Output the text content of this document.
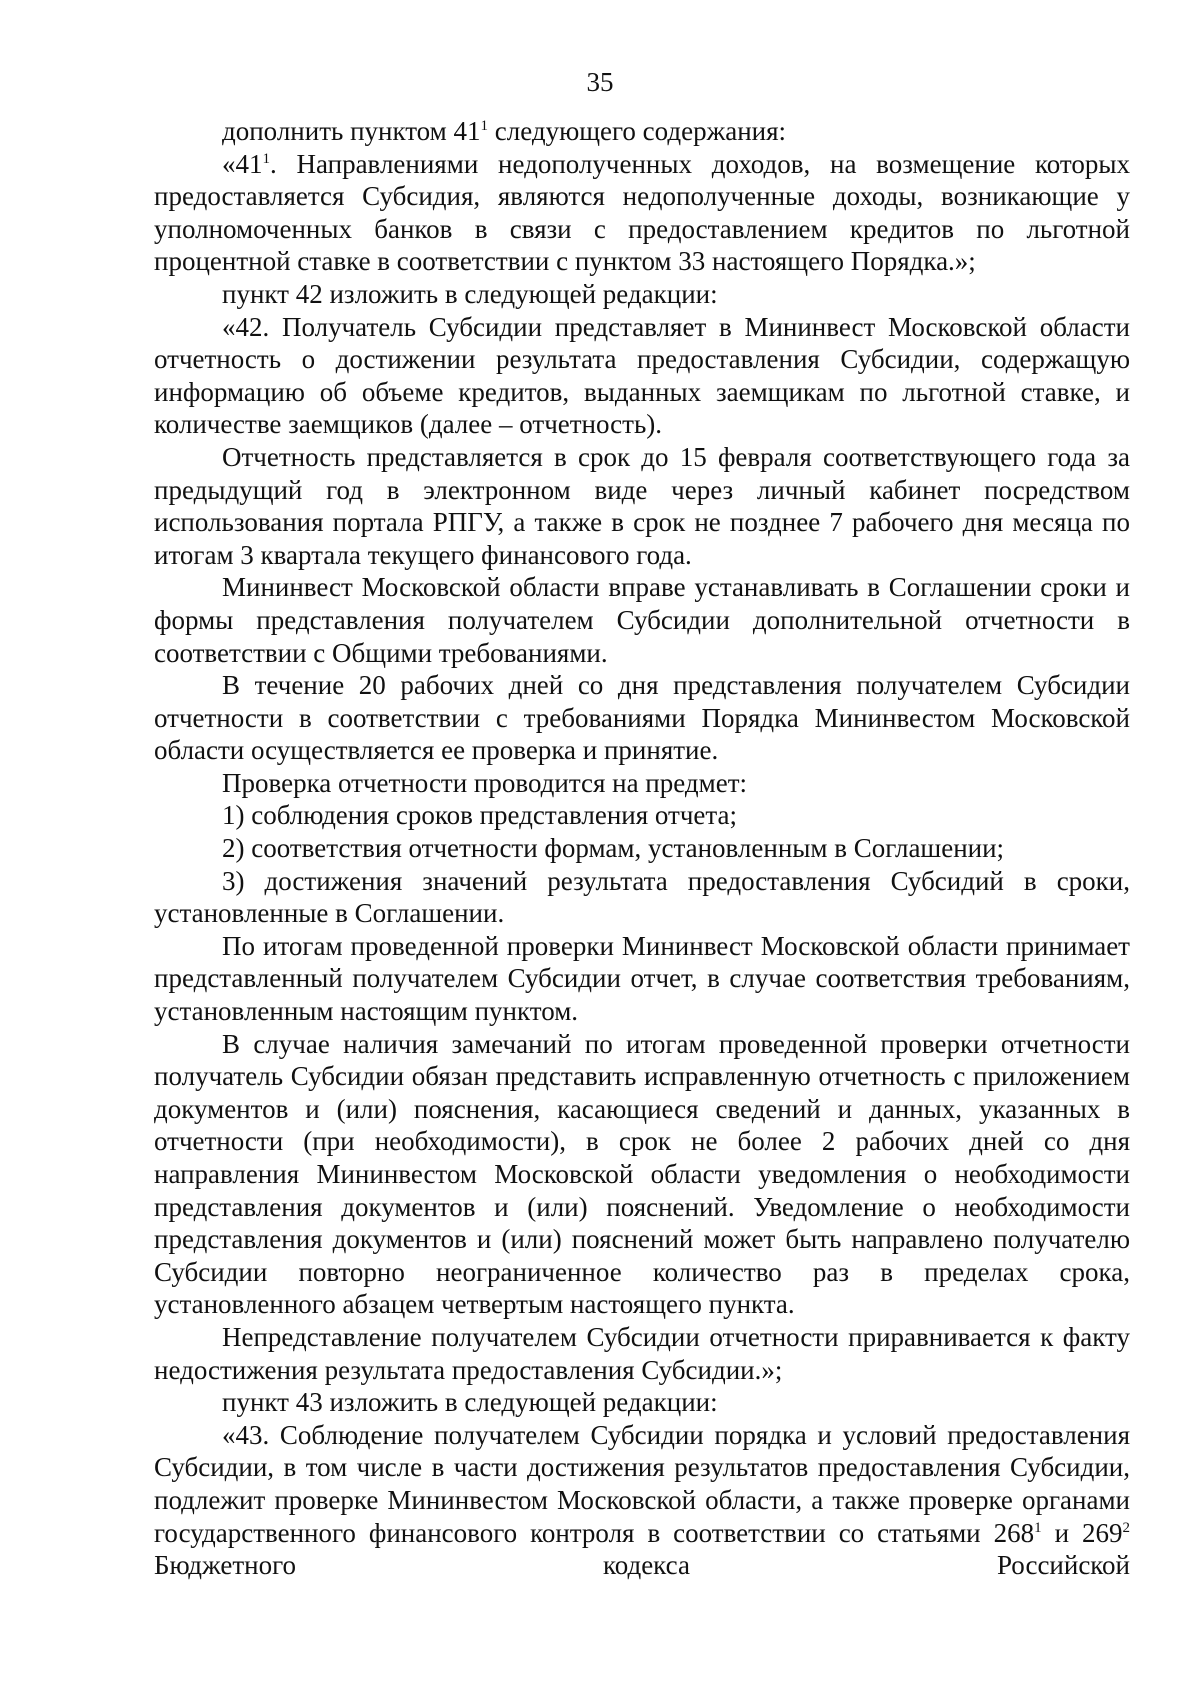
35

дополнить пунктом $41^1$ следующего содержания:

«$41^1$. Направлениями недополученных доходов, на возмещение которых предоставляется Субсидия, являются недополученные доходы, возникающие у уполномоченных банков в связи с предоставлением кредитов по льготной процентной ставке в соответствии с пунктом 33 настоящего Порядка.»;

пункт 42 изложить в следующей редакции:

«42. Получатель Субсидии представляет в Mининвест Московской области отчетность о достижении результата предоставления Субсидии, содержащую информацию об объеме кредитов, выданных заемщикам по льготной ставке, и количестве заемщиков (далее – отчетность).

Отчетность представляется в срок до 15 февраля соответствующего года за предыдущий год в электронном виде через личный кабинет посредством использования портала РПГУ, а также в срок не позднее 7 рабочего дня месяца по итогам 3 квартала текущего финансового года.

Мининвест Московской области вправе устанавливать в Соглашении сроки и формы представления получателем Субсидии дополнительной отчетности в соответствии с Общими требованиями.

В течение 20 рабочих дней со дня представления получателем Субсидии отчетности в соответствии с требованиями Порядка Мининвестом Московской области осуществляется ее проверка и принятие.

Проверка отчетности проводится на предмет:

1) соблюдения сроков представления отчета;

2) соответствия отчетности формам, установленным в Соглашении;

3) достижения значений результата предоставления Субсидий в сроки, установленные в Соглашении.

По итогам проведенной проверки Мининвест Московской области принимает представленный получателем Субсидии отчет, в случае соответствия требованиям, установленным настоящим пунктом.

В случае наличия замечаний по итогам проведенной проверки отчетности получатель Субсидии обязан представить исправленную отчетность с приложением документов и (или) пояснения, касающиеся сведений и данных, указанных в отчетности (при необходимости), в срок не более 2 рабочих дней со дня направления Мининвестом Московской области уведомления о необходимости представления документов и (или) пояснений. Уведомление о необходимости представления документов и (или) пояснений может быть направлено получателю Субсидии повторно неограниченное количество раз в пределах срока, установленного абзацем четвертым настоящего пункта.

Непредставление получателем Субсидии отчетности приравнивается к факту недостижения результата предоставления Субсидии.»;

пункт 43 изложить в следующей редакции:

«43. Соблюдение получателем Субсидии порядка и условий предоставления Субсидии, в том числе в части достижения результатов предоставления Субсидии, подлежит проверке Мининвестом Московской области, а также проверке органами государственного финансового контроля в соответствии со статьями $268^1$ и $269^2$ Бюджетного кодекса Российской
